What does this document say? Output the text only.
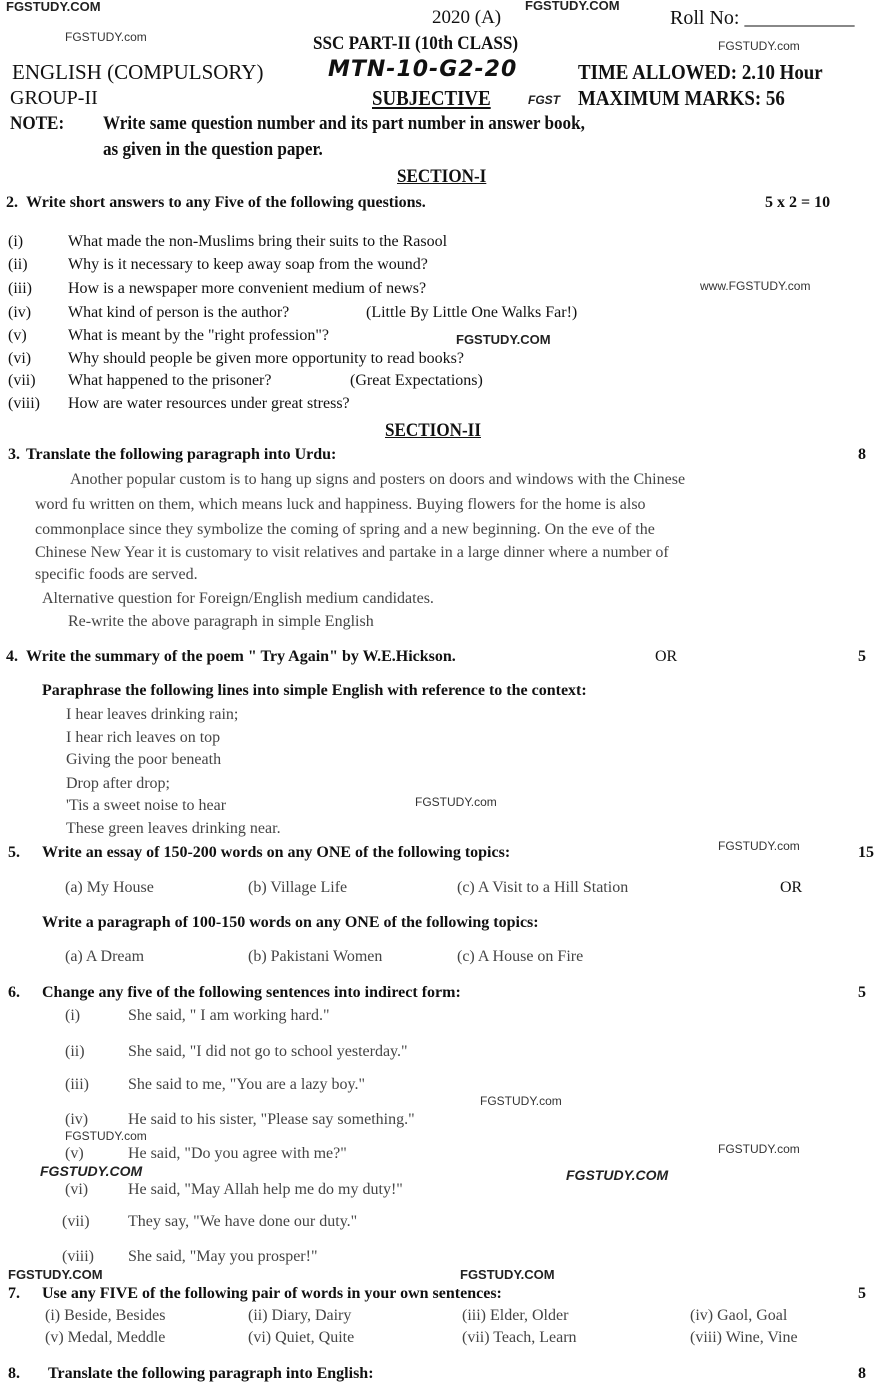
FGSTUDY.COM
FGSTUDY.com
FGSTUDY.com
www.FGSTUDY.com
FGSTUDY.COM
FGSTUDY.com
FGSTUDY.com
FGSTUDY.com
FGSTUDY.com
FGSTUDY.COM	FGSTUDY.COM
FGSTUDY.com
FGSTUDY.COM	FGSTUDY.COM
FGSTUDY.COM
2020 (A)	Roll No: ___________
SSC PART-II (10th CLASS)
ENGLISH (COMPULSORY)	MTN-10-G2-20	TIME ALLOWED: 2.10 Hour
GROUP-II	SUBJECTIVE	FGST MAXIMUM MARKS: 56
NOTE: Write same question number and its part number in answer book,
as given in the question paper.
SECTION-I
2. Write short answers to any Five of the following questions.	5 x 2 = 10
(i)	What made the non-Muslims bring their suits to the Rasool
(ii)	Why is it necessary to keep away soap from the wound?
(iii) How is a newspaper more convenient medium of news?
(iv) What kind of person is the author?	(Little By Little One Walks Far!)
(v)	What is meant by the "right profession"?
(vi) Why should people be given more opportunity to read books?
(vii) What happened to the prisoner?	(Great Expectations)
(viii) How are water resources under great stress?
SECTION-II
3. Translate the following paragraph into Urdu:	8
Another popular custom is to hang up signs and posters on doors and windows with the Chinese
word fu written on them, which means luck and happiness. Buying flowers for the home is also
commonplace since they symbolize the coming of spring and a new beginning. On the eve of the
Chinese New Year it is customary to visit relatives and partake in a large dinner where a number of
specific foods are served.
Alternative question for Foreign/English medium candidates.
Re-write the above paragraph in simple English
4. Write the summary of the poem " Try Again" by W.E.Hickson.	OR	5
Paraphrase the following lines into simple English with reference to the context:
I hear leaves drinking rain;
I hear rich leaves on top
Giving the poor beneath
Drop after drop;
'Tis a sweet noise to hear
These green leaves drinking near.
5. Write an essay of 150-200 words on any ONE of the following topics:	15
(a) My House	(b) Village Life	(c) A Visit to a Hill Station	OR
Write a paragraph of 100-150 words on any ONE of the following topics:
(a) A Dream	(b) Pakistani Women	(c) A House on Fire
6. Change any five of the following sentences into indirect form:	5
(i)	She said, " I am working hard."
(ii)	She said, "I did not go to school yesterday."
(iii) She said to me, "You are a lazy boy."
(iv) He said to his sister, "Please say something."
(v)	He said, "Do you agree with me?"
(vi) He said, "May Allah help me do my duty!"
(vii) They say, "We have done our duty."
(viii) She said, "May you prosper!"
7. Use any FIVE of the following pair of words in your own sentences:	5
(i) Beside, Besides	(ii) Diary, Dairy	(iii) Elder, Older	(iv) Gaol, Goal
(v) Medal, Meddle	(vi) Quiet, Quite	(vii) Teach, Learn	(viii) Wine, Vine
8. Translate the following paragraph into English:	8
